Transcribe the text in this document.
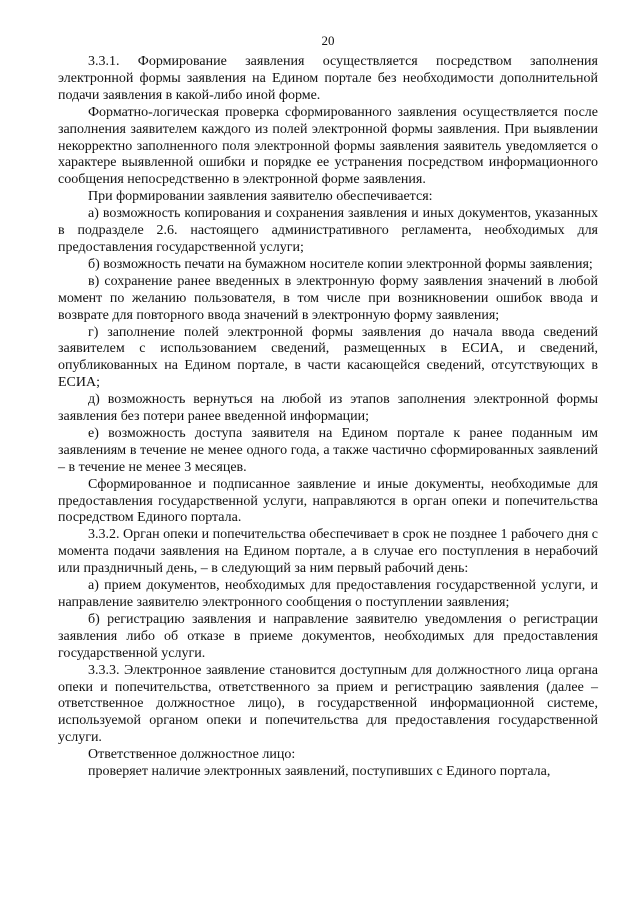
20

3.3.1. Формирование заявления осуществляется посредством заполнения электронной формы заявления на Едином портале без необходимости дополнительной подачи заявления в какой-либо иной форме.

Форматно-логическая проверка сформированного заявления осуществляется после заполнения заявителем каждого из полей электронной формы заявления. При выявлении некорректно заполненного поля электронной формы заявления заявитель уведомляется о характере выявленной ошибки и порядке ее устранения посредством информационного сообщения непосредственно в электронной форме заявления.

При формировании заявления заявителю обеспечивается:

а) возможность копирования и сохранения заявления и иных документов, указанных в подразделе 2.6. настоящего административного регламента, необходимых для предоставления государственной услуги;

б) возможность печати на бумажном носителе копии электронной формы заявления;

в) сохранение ранее введенных в электронную форму заявления значений в любой момент по желанию пользователя, в том числе при возникновении ошибок ввода и возврате для повторного ввода значений в электронную форму заявления;

г) заполнение полей электронной формы заявления до начала ввода сведений заявителем с использованием сведений, размещенных в ЕСИА, и сведений, опубликованных на Едином портале, в части касающейся сведений, отсутствующих в ЕСИА;

д) возможность вернуться на любой из этапов заполнения электронной формы заявления без потери ранее введенной информации;

е) возможность доступа заявителя на Едином портале к ранее поданным им заявлениям в течение не менее одного года, а также частично сформированных заявлений – в течение не менее 3 месяцев.

Сформированное и подписанное заявление и иные документы, необходимые для предоставления государственной услуги, направляются в орган опеки и попечительства посредством Единого портала.

3.3.2. Орган опеки и попечительства обеспечивает в срок не позднее 1 рабочего дня с момента подачи заявления на Едином портале, а в случае его поступления в нерабочий или праздничный день, – в следующий за ним первый рабочий день:

а) прием документов, необходимых для предоставления государственной услуги, и направление заявителю электронного сообщения о поступлении заявления;

б) регистрацию заявления и направление заявителю уведомления о регистрации заявления либо об отказе в приеме документов, необходимых для предоставления государственной услуги.

3.3.3. Электронное заявление становится доступным для должностного лица органа опеки и попечительства, ответственного за прием и регистрацию заявления (далее – ответственное должностное лицо), в государственной информационной системе, используемой органом опеки и попечительства для предоставления государственной услуги.

Ответственное должностное лицо:

проверяет наличие электронных заявлений, поступивших с Единого портала,
